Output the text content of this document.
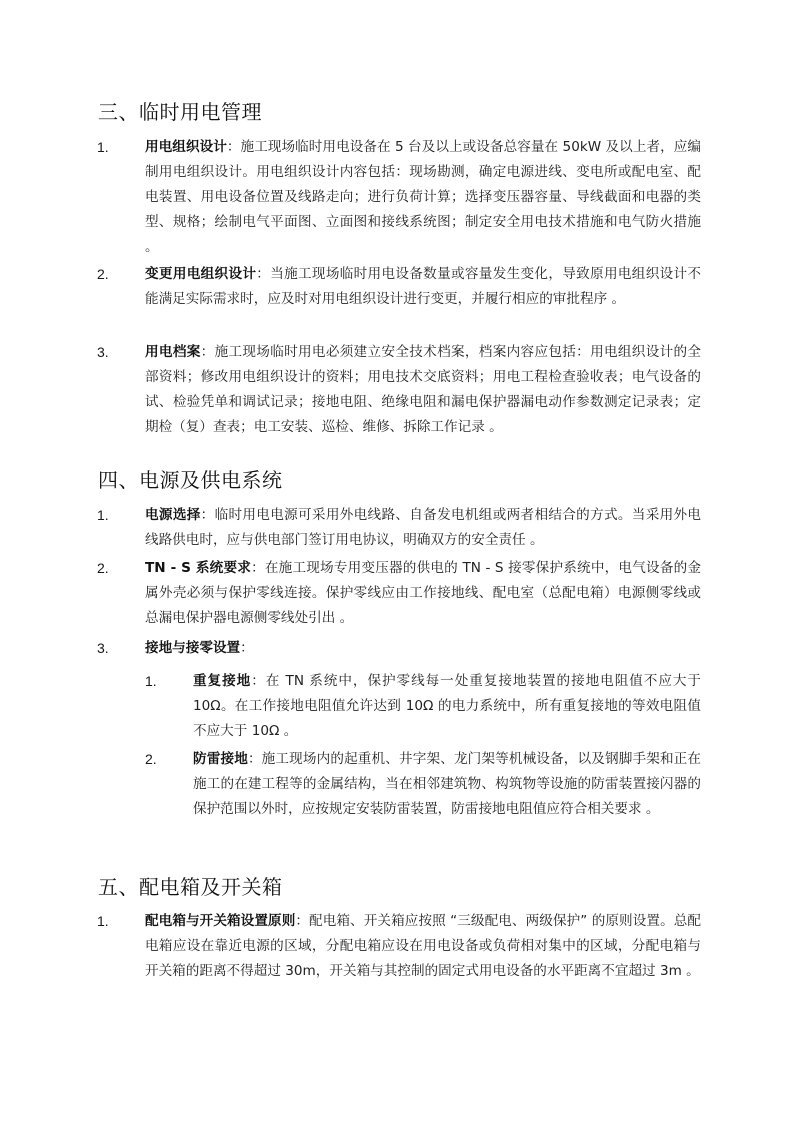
三、临时用电管理
1.	用电组织设计：施工现场临时用电设备在 5 台及以上或设备总容量在 50kW 及以上者，应编制用电组织设计。用电组织设计内容包括：现场勘测，确定电源进线、变电所或配电室、配电装置、用电设备位置及线路走向；进行负荷计算；选择变压器容量、导线截面和电器的类型、规格；绘制电气平面图、立面图和接线系统图；制定安全用电技术措施和电气防火措施 。
2.	变更用电组织设计：当施工现场临时用电设备数量或容量发生变化，导致原用电组织设计不能满足实际需求时，应及时对用电组织设计进行变更，并履行相应的审批程序 。
3.	用电档案：施工现场临时用电必须建立安全技术档案，档案内容应包括：用电组织设计的全部资料；修改用电组织设计的资料；用电技术交底资料；用电工程检查验收表；电气设备的试、检验凭单和调试记录；接地电阻、绝缘电阻和漏电保护器漏电动作参数测定记录表；定期检（复）查表；电工安装、巡检、维修、拆除工作记录 。
四、电源及供电系统
1.	电源选择：临时用电电源可采用外电线路、自备发电机组或两者相结合的方式。当采用外电线路供电时，应与供电部门签订用电协议，明确双方的安全责任 。
2.	TN - S 系统要求：在施工现场专用变压器的供电的 TN - S 接零保护系统中，电气设备的金属外壳必须与保护零线连接。保护零线应由工作接地线、配电室（总配电箱）电源侧零线或总漏电保护器电源侧零线处引出 。
3.	接地与接零设置：
1.	重复接地：在 TN 系统中，保护零线每一处重复接地装置的接地电阻值不应大于 10Ω。在工作接地电阻值允许达到 10Ω 的电力系统中，所有重复接地的等效电阻值不应大于 10Ω 。
2.	防雷接地：施工现场内的起重机、井字架、龙门架等机械设备，以及钢脚手架和正在施工的在建工程等的金属结构，当在相邻建筑物、构筑物等设施的防雷装置接闪器的保护范围以外时，应按规定安装防雷装置，防雷接地电阻值应符合相关要求 。
五、配电箱及开关箱
1.	配电箱与开关箱设置原则：配电箱、开关箱应按照 “三级配电、两级保护” 的原则设置。总配电箱应设在靠近电源的区域，分配电箱应设在用电设备或负荷相对集中的区域，分配电箱与开关箱的距离不得超过 30m，开关箱与其控制的固定式用电设备的水平距离不宜超过 3m 。
